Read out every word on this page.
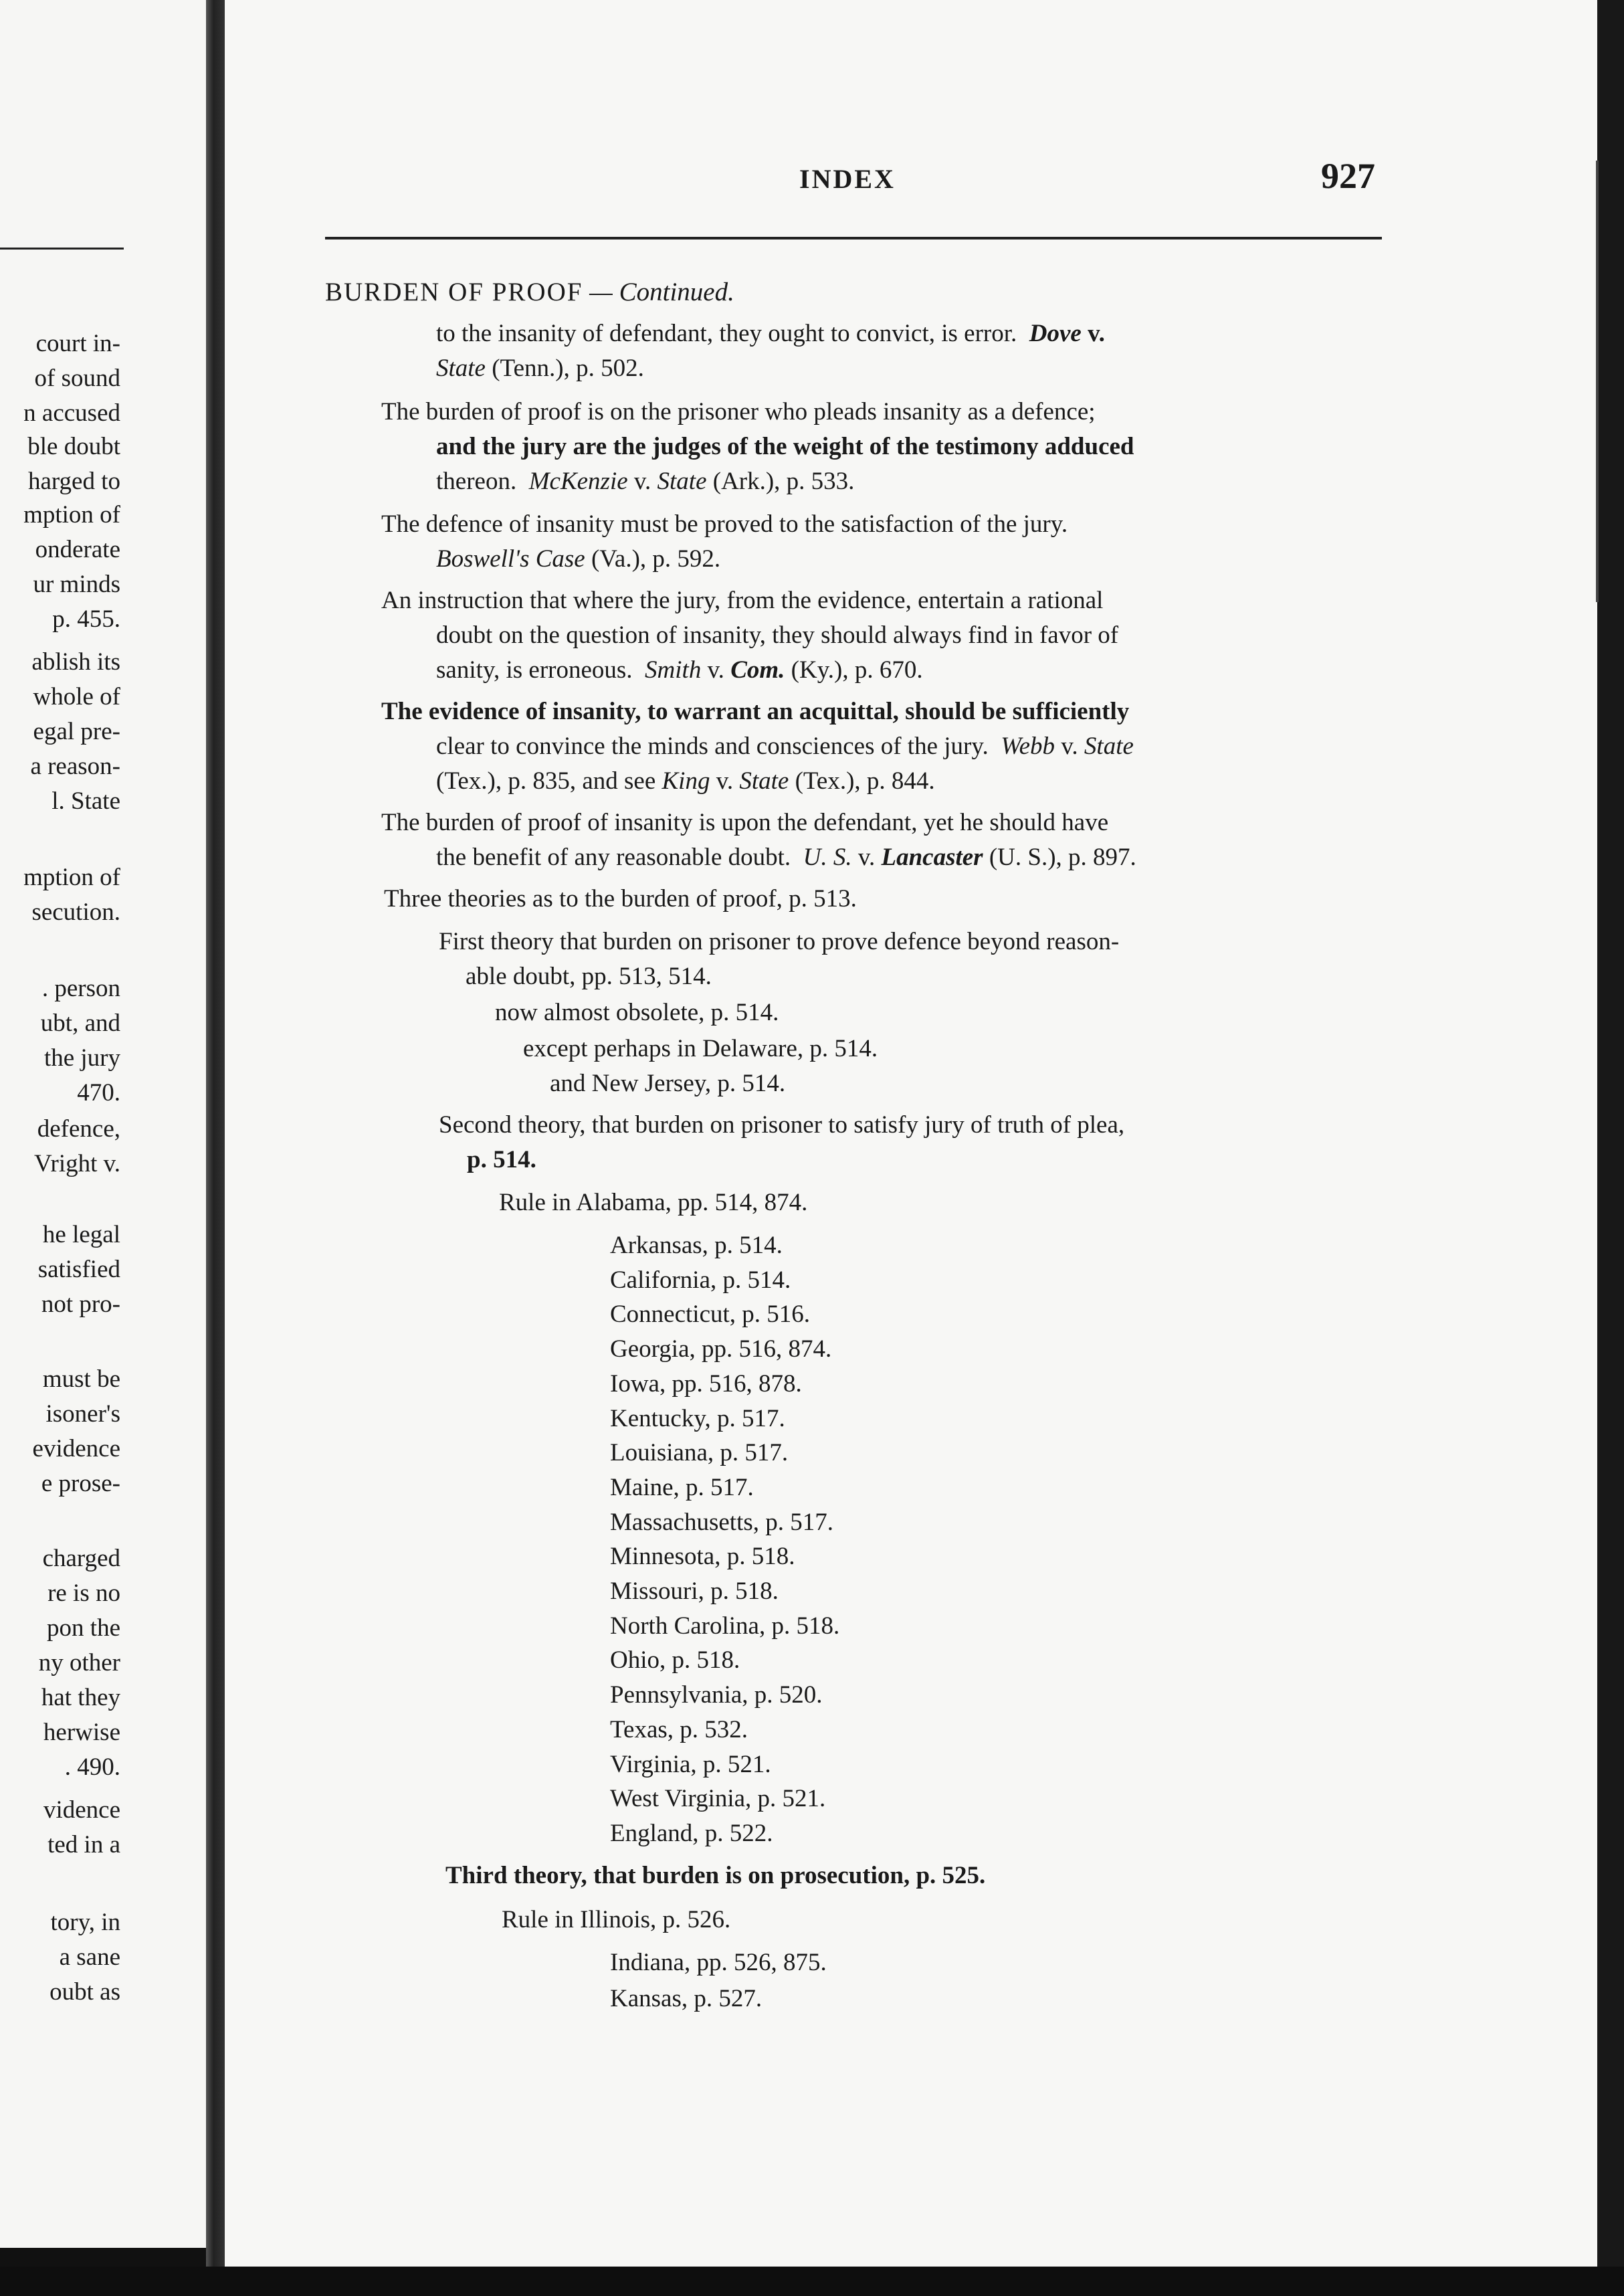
court in-
of sound
n accused
ble doubt
harged to
mption of
onderate
ur minds
p. 455.
ablish its
whole of
egal pre-
a reason-
l. State
mption of
secution.
. person
ubt, and
the jury
470.
defence,
Vright v.
he legal
satisfied
not pro-
must be
isoner's
evidence
e prose-
charged
re is no
pon the
ny other
hat they
herwise
. 490.
vidence
ted in a
tory, in
a sane
oubt as
INDEX	927
BURDEN OF PROOF — Continued.
to the insanity of defendant, they ought to convict, is error. Dove v.
State (Tenn.), p. 502.
The burden of proof is on the prisoner who pleads insanity as a defence;
and the jury are the judges of the weight of the testimony adduced
thereon. McKenzie v. State (Ark.), p. 533.
The defence of insanity must be proved to the satisfaction of the jury.
Boswell's Case (Va.), p. 592.
An instruction that where the jury, from the evidence, entertain a rational
doubt on the question of insanity, they should always find in favor of
sanity, is erroneous. Smith v. Com. (Ky.), p. 670.
The evidence of insanity, to warrant an acquittal, should be sufficiently
clear to convince the minds and consciences of the jury. Webb v. State
(Tex.), p. 835, and see King v. State (Tex.), p. 844.
The burden of proof of insanity is upon the defendant, yet he should have
the benefit of any reasonable doubt. U. S. v. Lancaster (U. S.), p. 897.
Three theories as to the burden of proof, p. 513.
First theory that burden on prisoner to prove defence beyond reason-
able doubt, pp. 513, 514.
now almost obsolete, p. 514.
except perhaps in Delaware, p. 514.
and New Jersey, p. 514.
Second theory, that burden on prisoner to satisfy jury of truth of plea,
p. 514.
Rule in Alabama, pp. 514, 874.
Arkansas, p. 514.
California, p. 514.
Connecticut, p. 516.
Georgia, pp. 516, 874.
Iowa, pp. 516, 878.
Kentucky, p. 517.
Louisiana, p. 517.
Maine, p. 517.
Massachusetts, p. 517.
Minnesota, p. 518.
Missouri, p. 518.
North Carolina, p. 518.
Ohio, p. 518.
Pennsylvania, p. 520.
Texas, p. 532.
Virginia, p. 521.
West Virginia, p. 521.
England, p. 522.
Third theory, that burden is on prosecution, p. 525.
Rule in Illinois, p. 526.
Indiana, pp. 526, 875.
Kansas, p. 527.
